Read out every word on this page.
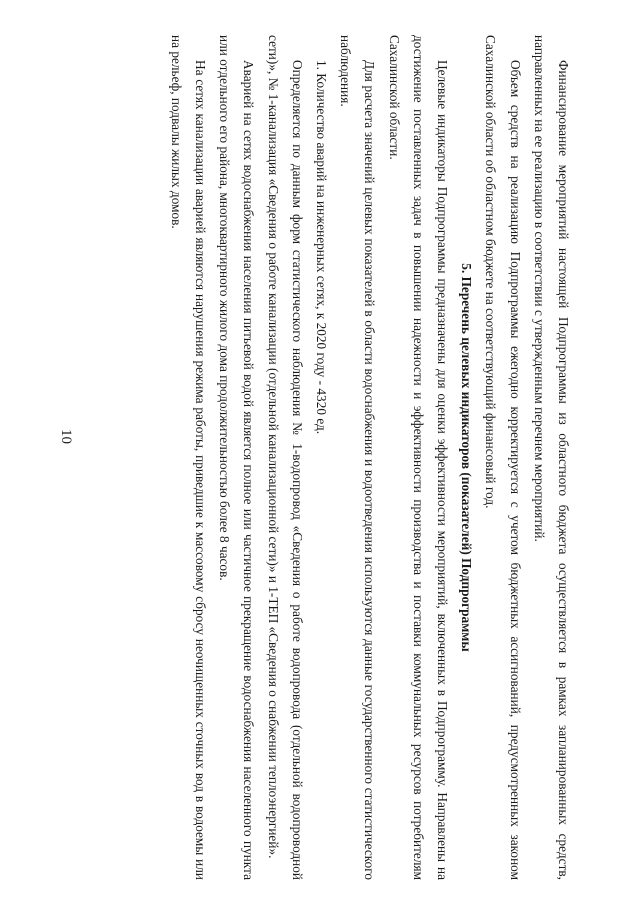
10	Финансирование мероприятий настоящей Подпрограммы из областного бюджета осуществляется в рамках запланированных средств, направленных на ее реализацию в соответствии с утвержденным перечнем мероприятий.

Объем средств на реализацию Подпрограммы ежегодно корректируется с учетом бюджетных ассигнований, предусмотренных законом Сахалинской области об областном бюджете на соответствующий финансовый год.

5. Перечень целевых индикаторов (показателей) Подпрограммы

Целевые индикаторы Подпрограммы предназначены для оценки эффективности мероприятий, включенных в Подпрограмму. Направлены на достижение поставленных задач в повышении надежности и эффективности производства и поставки коммунальных ресурсов потребителям Сахалинской области.

Для расчета значений целевых показателей в области водоснабжения и водоотведения используются данные государственного статистического наблюдения.

1. Количество аварий на инженерных сетях, к 2020 году - 4320 ед.

Определяется по данным форм статистического наблюдения № 1-водопровод «Сведения о работе водопровода (отдельной водопроводной сети)», № 1-канализация «Сведения о работе канализации (отдельной канализационной сети)» и 1-ТЕП «Сведения о снабжении теплоэнергией».

Аварией на сетях водоснабжения населения питьевой водой является полное или частичное прекращение водоснабжения населенного пункта или отдельного его района, многоквартирного жилого дома продолжительностью более 8 часов.

На сетях канализации аварией являются нарушения режима работы, приведшие к массовому сбросу неочищенных сточных вод в водоемы или на рельеф, подвалы жилых домов.
